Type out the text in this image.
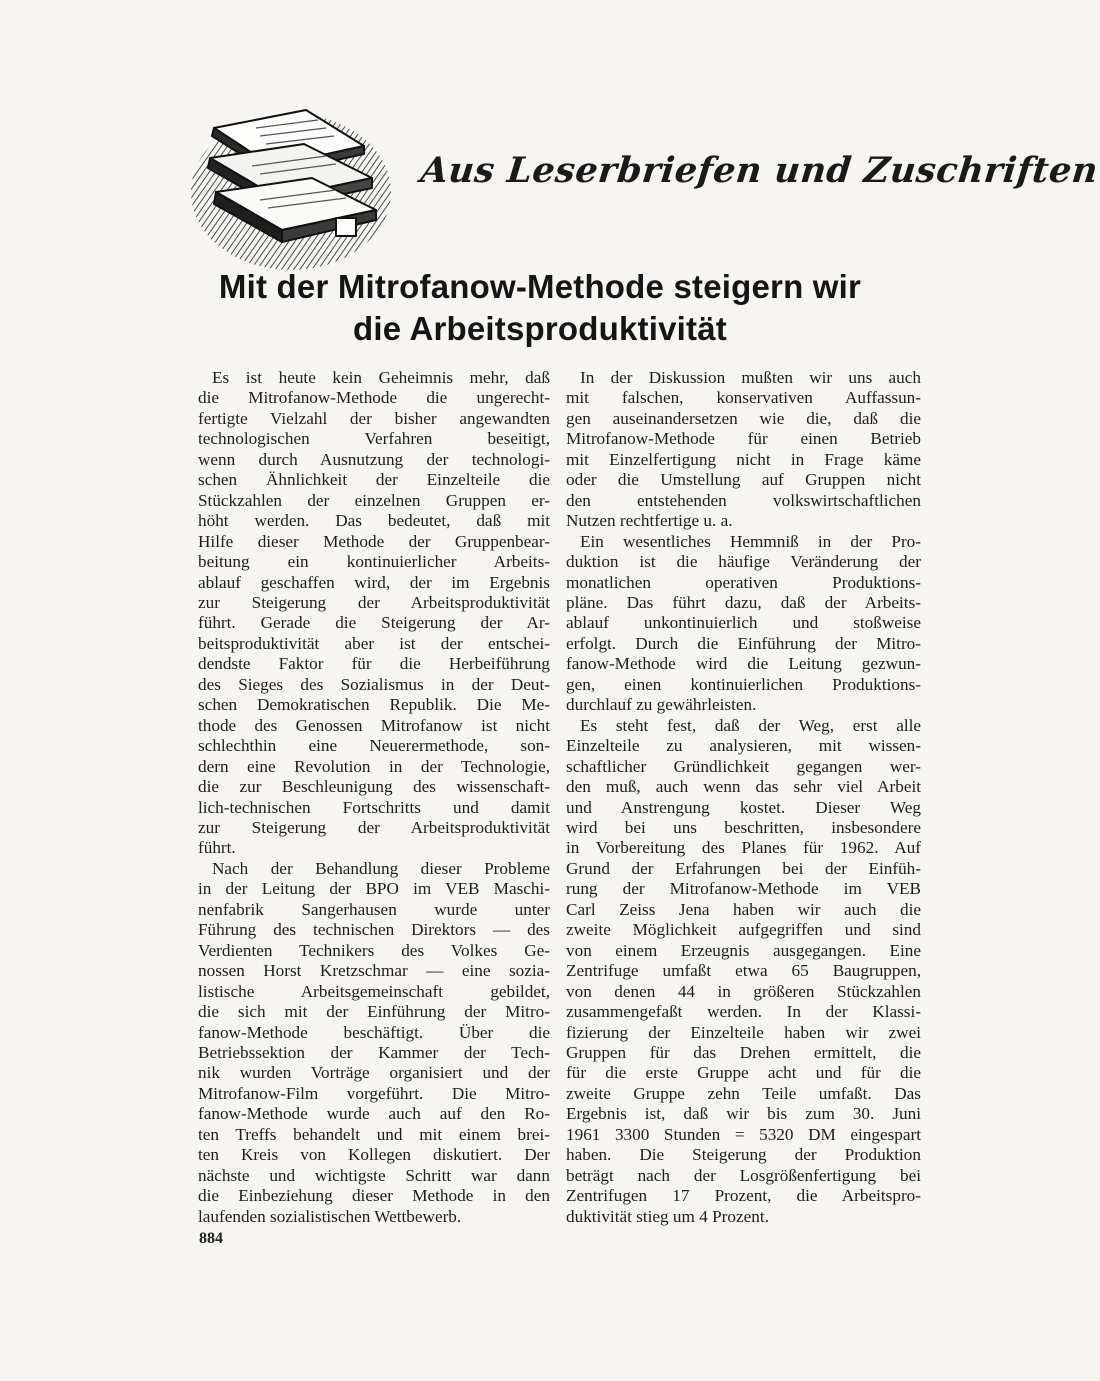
Aus Leserbriefen und Zuschriften
Mit der Mitrofanow-Methode steigern wir
die Arbeitsproduktivität

Es ist heute kein Geheimnis mehr, daß
die Mitrofanow-Methode die ungerecht-
fertigte Vielzahl der bisher angewandten
technologischen Verfahren beseitigt,
wenn durch Ausnutzung der technologi-
schen Ähnlichkeit der Einzelteile die
Stückzahlen der einzelnen Gruppen er-
höht werden. Das bedeutet, daß mit
Hilfe dieser Methode der Gruppenbear-
beitung ein kontinuierlicher Arbeits-
ablauf geschaffen wird, der im Ergebnis
zur Steigerung der Arbeitsproduktivität
führt. Gerade die Steigerung der Ar-
beitsproduktivität aber ist der entschei-
dendste Faktor für die Herbeiführung
des Sieges des Sozialismus in der Deut-
schen Demokratischen Republik. Die Me-
thode des Genossen Mitrofanow ist nicht
schlechthin eine Neuerermethode, son-
dern eine Revolution in der Technologie,
die zur Beschleunigung des wissenschaft-
lich-technischen Fortschritts und damit
zur Steigerung der Arbeitsproduktivität
führt.

Nach der Behandlung dieser Probleme
in der Leitung der BPO im VEB Maschi-
nenfabrik Sangerhausen wurde unter
Führung des technischen Direktors — des
Verdienten Technikers des Volkes Ge-
nossen Horst Kretzschmar — eine sozia-
listische Arbeitsgemeinschaft gebildet,
die sich mit der Einführung der Mitro-
fanow-Methode beschäftigt. Über die
Betriebssektion der Kammer der Tech-
nik wurden Vorträge organisiert und der
Mitrofanow-Film vorgeführt. Die Mitro-
fanow-Methode wurde auch auf den Ro-
ten Treffs behandelt und mit einem brei-
ten Kreis von Kollegen diskutiert. Der
nächste und wichtigste Schritt war dann
die Einbeziehung dieser Methode in den
laufenden sozialistischen Wettbewerb.

In der Diskussion mußten wir uns auch
mit falschen, konservativen Auffassun-
gen auseinandersetzen wie die, daß die
Mitrofanow-Methode für einen Betrieb
mit Einzelfertigung nicht in Frage käme
oder die Umstellung auf Gruppen nicht
den entstehenden volkswirtschaftlichen
Nutzen rechtfertige u. a.

Ein wesentliches Hemmniß in der Pro-
duktion ist die häufige Veränderung der
monatlichen operativen Produktions-
pläne. Das führt dazu, daß der Arbeits-
ablauf unkontinuierlich und stoßweise
erfolgt. Durch die Einführung der Mitro-
fanow-Methode wird die Leitung gezwun-
gen, einen kontinuierlichen Produktions-
durchlauf zu gewährleisten.

Es steht fest, daß der Weg, erst alle
Einzelteile zu analysieren, mit wissen-
schaftlicher Gründlichkeit gegangen wer-
den muß, auch wenn das sehr viel Arbeit
und Anstrengung kostet. Dieser Weg
wird bei uns beschritten, insbesondere
in Vorbereitung des Planes für 1962. Auf
Grund der Erfahrungen bei der Einfüh-
rung der Mitrofanow-Methode im VEB
Carl Zeiss Jena haben wir auch die
zweite Möglichkeit aufgegriffen und sind
von einem Erzeugnis ausgegangen. Eine
Zentrifuge umfaßt etwa 65 Baugruppen,
von denen 44 in größeren Stückzahlen
zusammengefaßt werden. In der Klassi-
fizierung der Einzelteile haben wir zwei
Gruppen für das Drehen ermittelt, die
für die erste Gruppe acht und für die
zweite Gruppe zehn Teile umfaßt. Das
Ergebnis ist, daß wir bis zum 30. Juni
1961 3300 Stunden = 5320 DM eingespart
haben. Die Steigerung der Produktion
beträgt nach der Losgrößenfertigung bei
Zentrifugen 17 Prozent, die Arbeitspro-
duktivität stieg um 4 Prozent.

884
